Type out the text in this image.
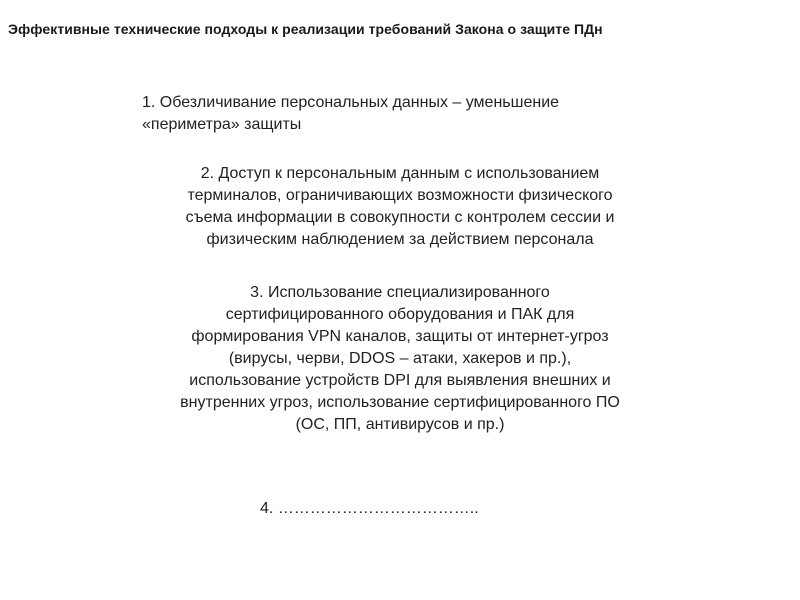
Эффективные технические подходы к реализации требований Закона о защите ПДн
1. Обезличивание персональных данных – уменьшение
«периметра» защиты
2. Доступ к персональным данным с использованием
терминалов, ограничивающих возможности физического
съема информации в совокупности с контролем сессии и
физическим наблюдением за действием персонала
3. Использование специализированного
сертифицированного оборудования и ПАК для
формирования VPN каналов, защиты от интернет-угроз
(вирусы, черви, DDOS – атаки, хакеров и пр.),
использование устройств DPI для выявления внешних и
внутренних угроз, использование сертифицированного ПО
(ОС, ПП, антивирусов и пр.)
4. ………………………………..
